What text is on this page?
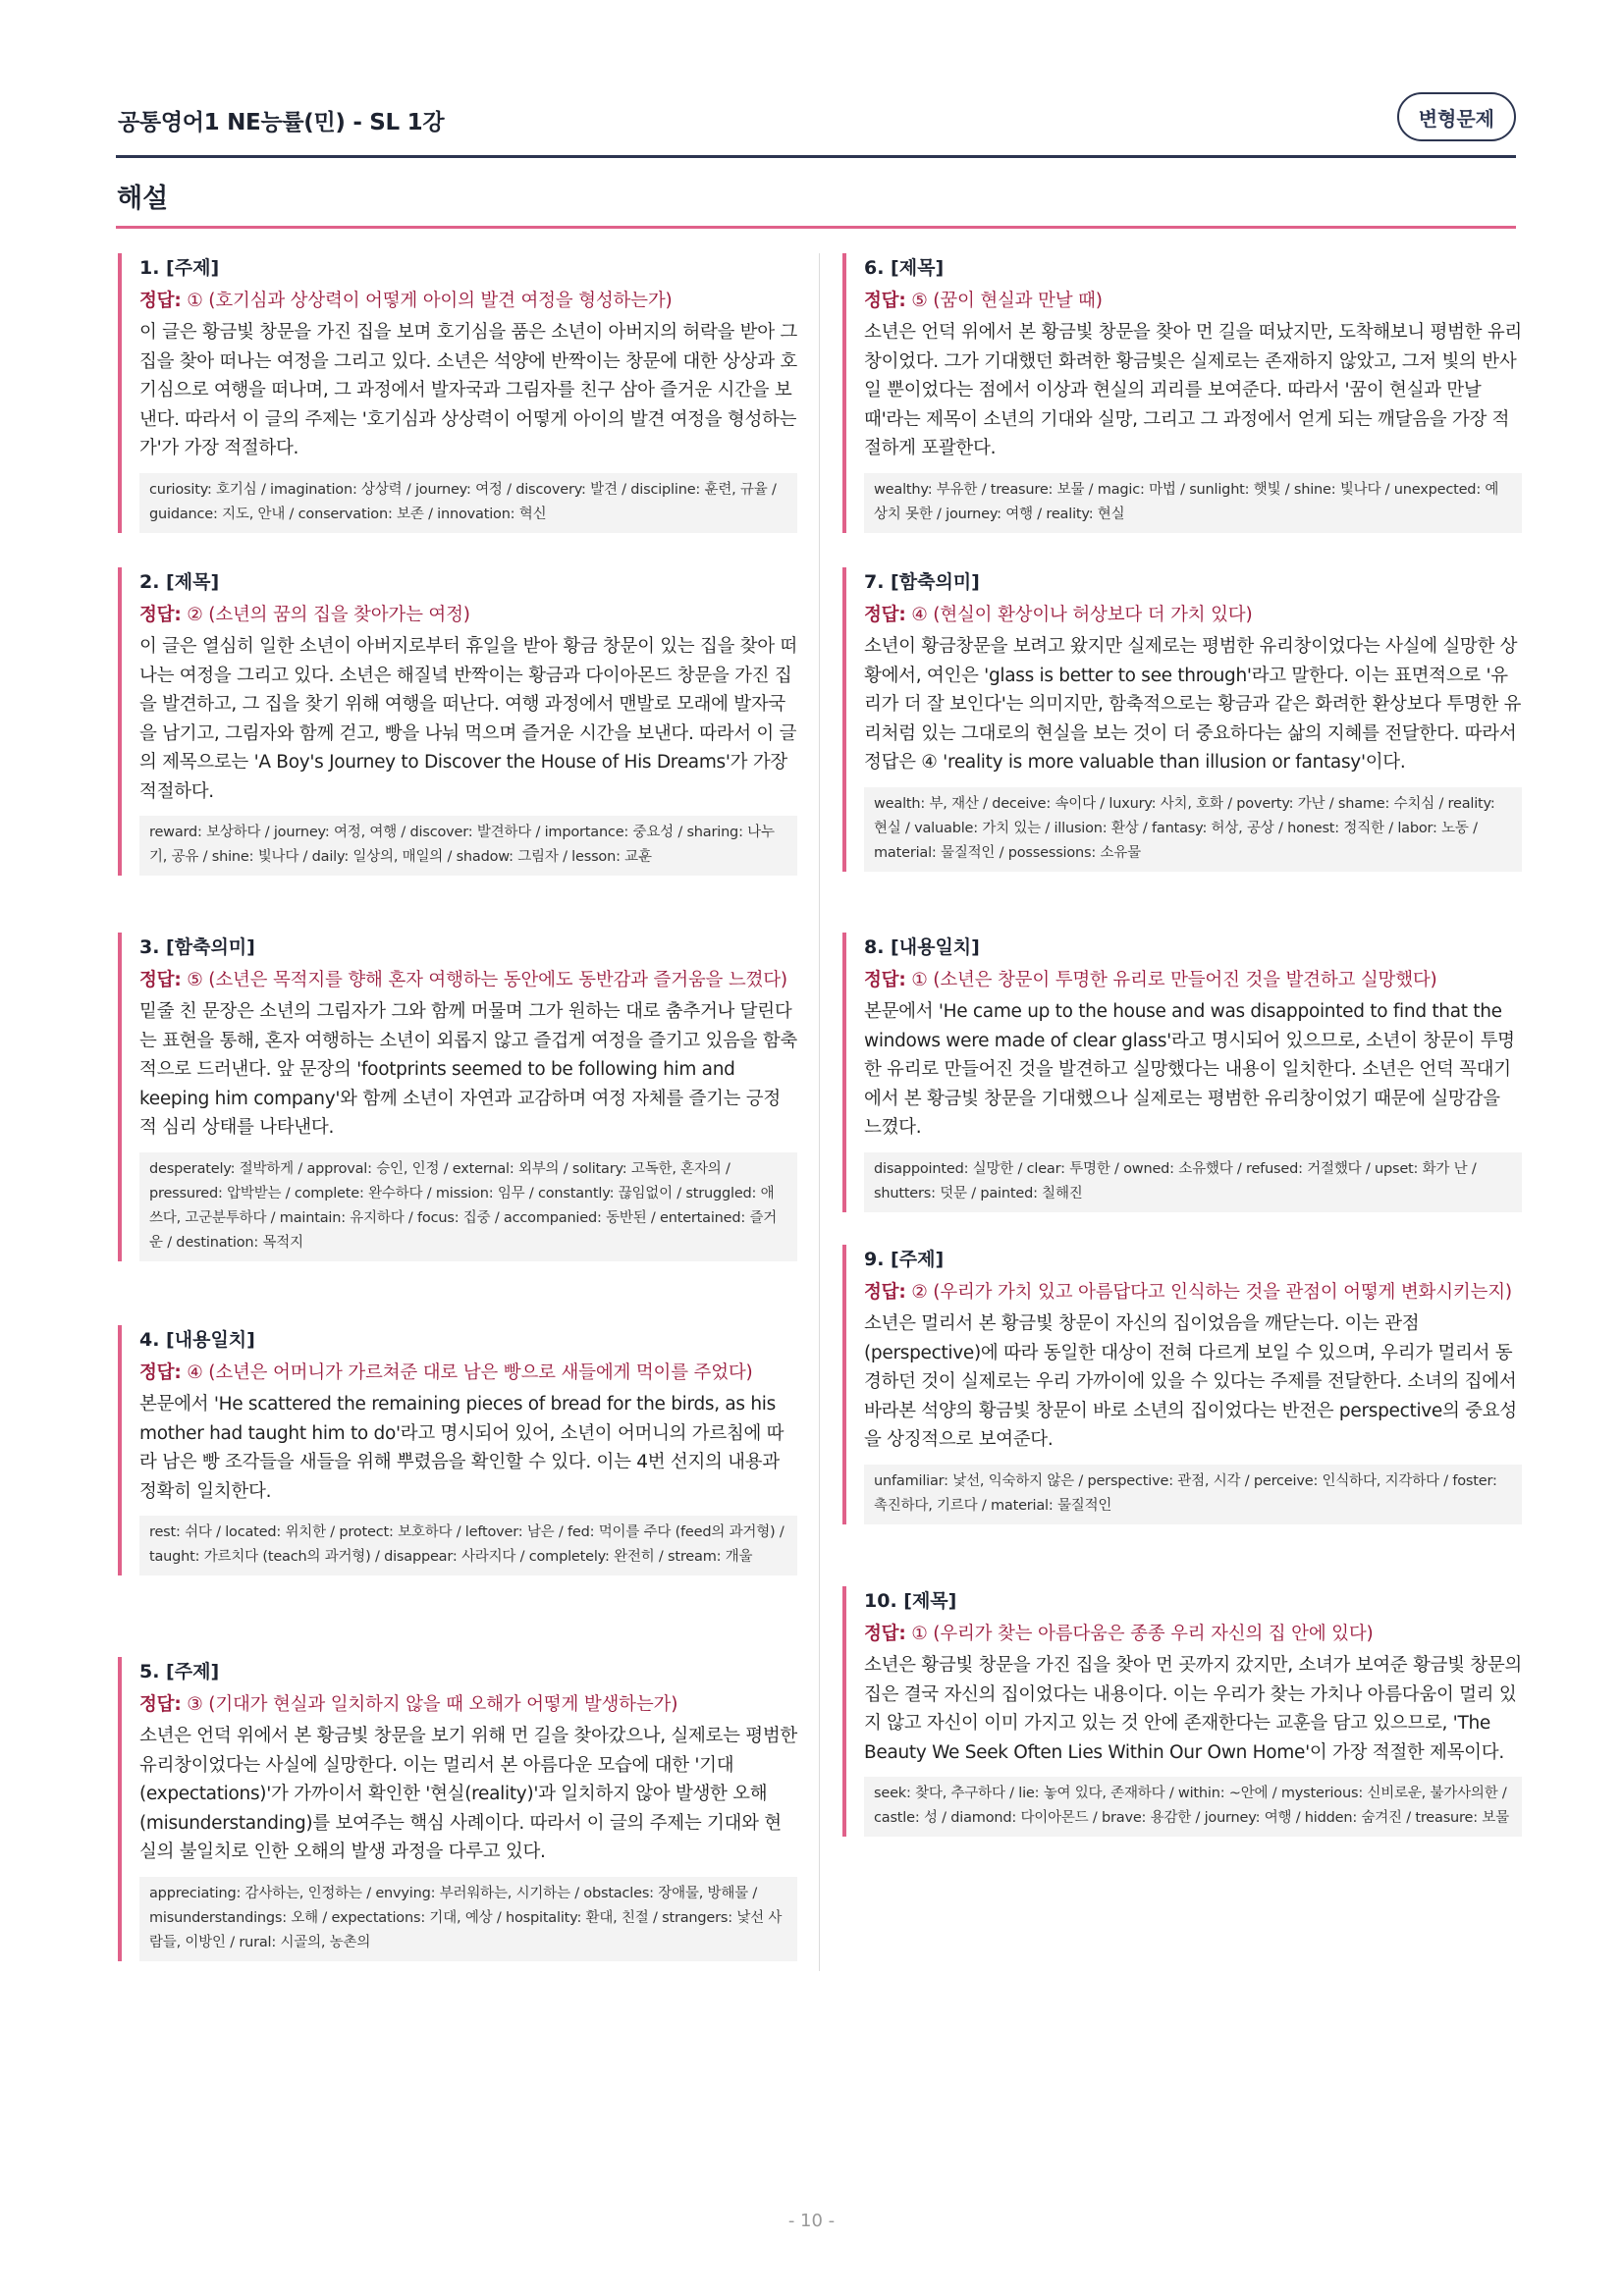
공통영어1 NE능률(민) - SL 1강	변형문제
해설
1. [주제]
정답: ① (호기심과 상상력이 어떻게 아이의 발견 여정을 형성하는가)
이 글은 황금빛 창문을 가진 집을 보며 호기심을 품은 소년이 아버지의 허락을 받아 그 집을 찾아 떠나는 여정을 그리고 있다. 소년은 석양에 반짝이는 창문에 대한 상상과 호기심으로 여행을 떠나며, 그 과정에서 발자국과 그림자를 친구 삼아 즐거운 시간을 보낸다. 따라서 이 글의 주제는 '호기심과 상상력이 어떻게 아이의 발견 여정을 형성하는가'가 가장 적절하다.
curiosity: 호기심 / imagination: 상상력 / journey: 여정 / discovery: 발견 / discipline: 훈련, 규율 / guidance: 지도, 안내 / conservation: 보존 / innovation: 혁신
2. [제목]
정답: ② (소년의 꿈의 집을 찾아가는 여정)
이 글은 열심히 일한 소년이 아버지로부터 휴일을 받아 황금 창문이 있는 집을 찾아 떠나는 여정을 그리고 있다. 소년은 해질녘 반짝이는 황금과 다이아몬드 창문을 가진 집을 발견하고, 그 집을 찾기 위해 여행을 떠난다. 여행 과정에서 맨발로 모래에 발자국을 남기고, 그림자와 함께 걷고, 빵을 나눠 먹으며 즐거운 시간을 보낸다. 따라서 이 글의 제목으로는 'A Boy's Journey to Discover the House of His Dreams'가 가장 적절하다.
reward: 보상하다 / journey: 여정, 여행 / discover: 발견하다 / importance: 중요성 / sharing: 나누기, 공유 / shine: 빛나다 / daily: 일상의, 매일의 / shadow: 그림자 / lesson: 교훈
3. [함축의미]
정답: ⑤ (소년은 목적지를 향해 혼자 여행하는 동안에도 동반감과 즐거움을 느꼈다)
밑줄 친 문장은 소년의 그림자가 그와 함께 머물며 그가 원하는 대로 춤추거나 달린다는 표현을 통해, 혼자 여행하는 소년이 외롭지 않고 즐겁게 여정을 즐기고 있음을 함축적으로 드러낸다. 앞 문장의 'footprints seemed to be following him and keeping him company'와 함께 소년이 자연과 교감하며 여정 자체를 즐기는 긍정적 심리 상태를 나타낸다.
desperately: 절박하게 / approval: 승인, 인정 / external: 외부의 / solitary: 고독한, 혼자의 / pressured: 압박받는 / complete: 완수하다 / mission: 임무 / constantly: 끊임없이 / struggled: 애쓰다, 고군분투하다 / maintain: 유지하다 / focus: 집중 / accompanied: 동반된 / entertained: 즐거운 / destination: 목적지
4. [내용일치]
정답: ④ (소년은 어머니가 가르쳐준 대로 남은 빵으로 새들에게 먹이를 주었다)
본문에서 'He scattered the remaining pieces of bread for the birds, as his mother had taught him to do'라고 명시되어 있어, 소년이 어머니의 가르침에 따라 남은 빵 조각들을 새들을 위해 뿌렸음을 확인할 수 있다. 이는 4번 선지의 내용과 정확히 일치한다.
rest: 쉬다 / located: 위치한 / protect: 보호하다 / leftover: 남은 / fed: 먹이를 주다 (feed의 과거형) / taught: 가르치다 (teach의 과거형) / disappear: 사라지다 / completely: 완전히 / stream: 개울
5. [주제]
정답: ③ (기대가 현실과 일치하지 않을 때 오해가 어떻게 발생하는가)
소년은 언덕 위에서 본 황금빛 창문을 보기 위해 먼 길을 찾아갔으나, 실제로는 평범한 유리창이었다는 사실에 실망한다. 이는 멀리서 본 아름다운 모습에 대한 '기대(expectations)'가 가까이서 확인한 '현실(reality)'과 일치하지 않아 발생한 오해(misunderstanding)를 보여주는 핵심 사례이다. 따라서 이 글의 주제는 기대와 현실의 불일치로 인한 오해의 발생 과정을 다루고 있다.
appreciating: 감사하는, 인정하는 / envying: 부러워하는, 시기하는 / obstacles: 장애물, 방해물 / misunderstandings: 오해 / expectations: 기대, 예상 / hospitality: 환대, 친절 / strangers: 낯선 사람들, 이방인 / rural: 시골의, 농촌의
6. [제목]
정답: ⑤ (꿈이 현실과 만날 때)
소년은 언덕 위에서 본 황금빛 창문을 찾아 먼 길을 떠났지만, 도착해보니 평범한 유리창이었다. 그가 기대했던 화려한 황금빛은 실제로는 존재하지 않았고, 그저 빛의 반사일 뿐이었다는 점에서 이상과 현실의 괴리를 보여준다. 따라서 '꿈이 현실과 만날 때'라는 제목이 소년의 기대와 실망, 그리고 그 과정에서 얻게 되는 깨달음을 가장 적절하게 포괄한다.
wealthy: 부유한 / treasure: 보물 / magic: 마법 / sunlight: 햇빛 / shine: 빛나다 / unexpected: 예상치 못한 / journey: 여행 / reality: 현실
7. [함축의미]
정답: ④ (현실이 환상이나 허상보다 더 가치 있다)
소년이 황금창문을 보려고 왔지만 실제로는 평범한 유리창이었다는 사실에 실망한 상황에서, 여인은 'glass is better to see through'라고 말한다. 이는 표면적으로 '유리가 더 잘 보인다'는 의미지만, 함축적으로는 황금과 같은 화려한 환상보다 투명한 유리처럼 있는 그대로의 현실을 보는 것이 더 중요하다는 삶의 지혜를 전달한다. 따라서 정답은 ④ 'reality is more valuable than illusion or fantasy'이다.
wealth: 부, 재산 / deceive: 속이다 / luxury: 사치, 호화 / poverty: 가난 / shame: 수치심 / reality: 현실 / valuable: 가치 있는 / illusion: 환상 / fantasy: 허상, 공상 / honest: 정직한 / labor: 노동 / material: 물질적인 / possessions: 소유물
8. [내용일치]
정답: ① (소년은 창문이 투명한 유리로 만들어진 것을 발견하고 실망했다)
본문에서 'He came up to the house and was disappointed to find that the windows were made of clear glass'라고 명시되어 있으므로, 소년이 창문이 투명한 유리로 만들어진 것을 발견하고 실망했다는 내용이 일치한다. 소년은 언덕 꼭대기에서 본 황금빛 창문을 기대했으나 실제로는 평범한 유리창이었기 때문에 실망감을 느꼈다.
disappointed: 실망한 / clear: 투명한 / owned: 소유했다 / refused: 거절했다 / upset: 화가 난 / shutters: 덧문 / painted: 칠해진
9. [주제]
정답: ② (우리가 가치 있고 아름답다고 인식하는 것을 관점이 어떻게 변화시키는지)
소년은 멀리서 본 황금빛 창문이 자신의 집이었음을 깨닫는다. 이는 관점(perspective)에 따라 동일한 대상이 전혀 다르게 보일 수 있으며, 우리가 멀리서 동경하던 것이 실제로는 우리 가까이에 있을 수 있다는 주제를 전달한다. 소녀의 집에서 바라본 석양의 황금빛 창문이 바로 소년의 집이었다는 반전은 perspective의 중요성을 상징적으로 보여준다.
unfamiliar: 낯선, 익숙하지 않은 / perspective: 관점, 시각 / perceive: 인식하다, 지각하다 / foster: 촉진하다, 기르다 / material: 물질적인
10. [제목]
정답: ① (우리가 찾는 아름다움은 종종 우리 자신의 집 안에 있다)
소년은 황금빛 창문을 가진 집을 찾아 먼 곳까지 갔지만, 소녀가 보여준 황금빛 창문의 집은 결국 자신의 집이었다는 내용이다. 이는 우리가 찾는 가치나 아름다움이 멀리 있지 않고 자신이 이미 가지고 있는 것 안에 존재한다는 교훈을 담고 있으므로, 'The Beauty We Seek Often Lies Within Our Own Home'이 가장 적절한 제목이다.
seek: 찾다, 추구하다 / lie: 놓여 있다, 존재하다 / within: ~안에 / mysterious: 신비로운, 불가사의한 / castle: 성 / diamond: 다이아몬드 / brave: 용감한 / journey: 여행 / hidden: 숨겨진 / treasure: 보물
- 10 -
